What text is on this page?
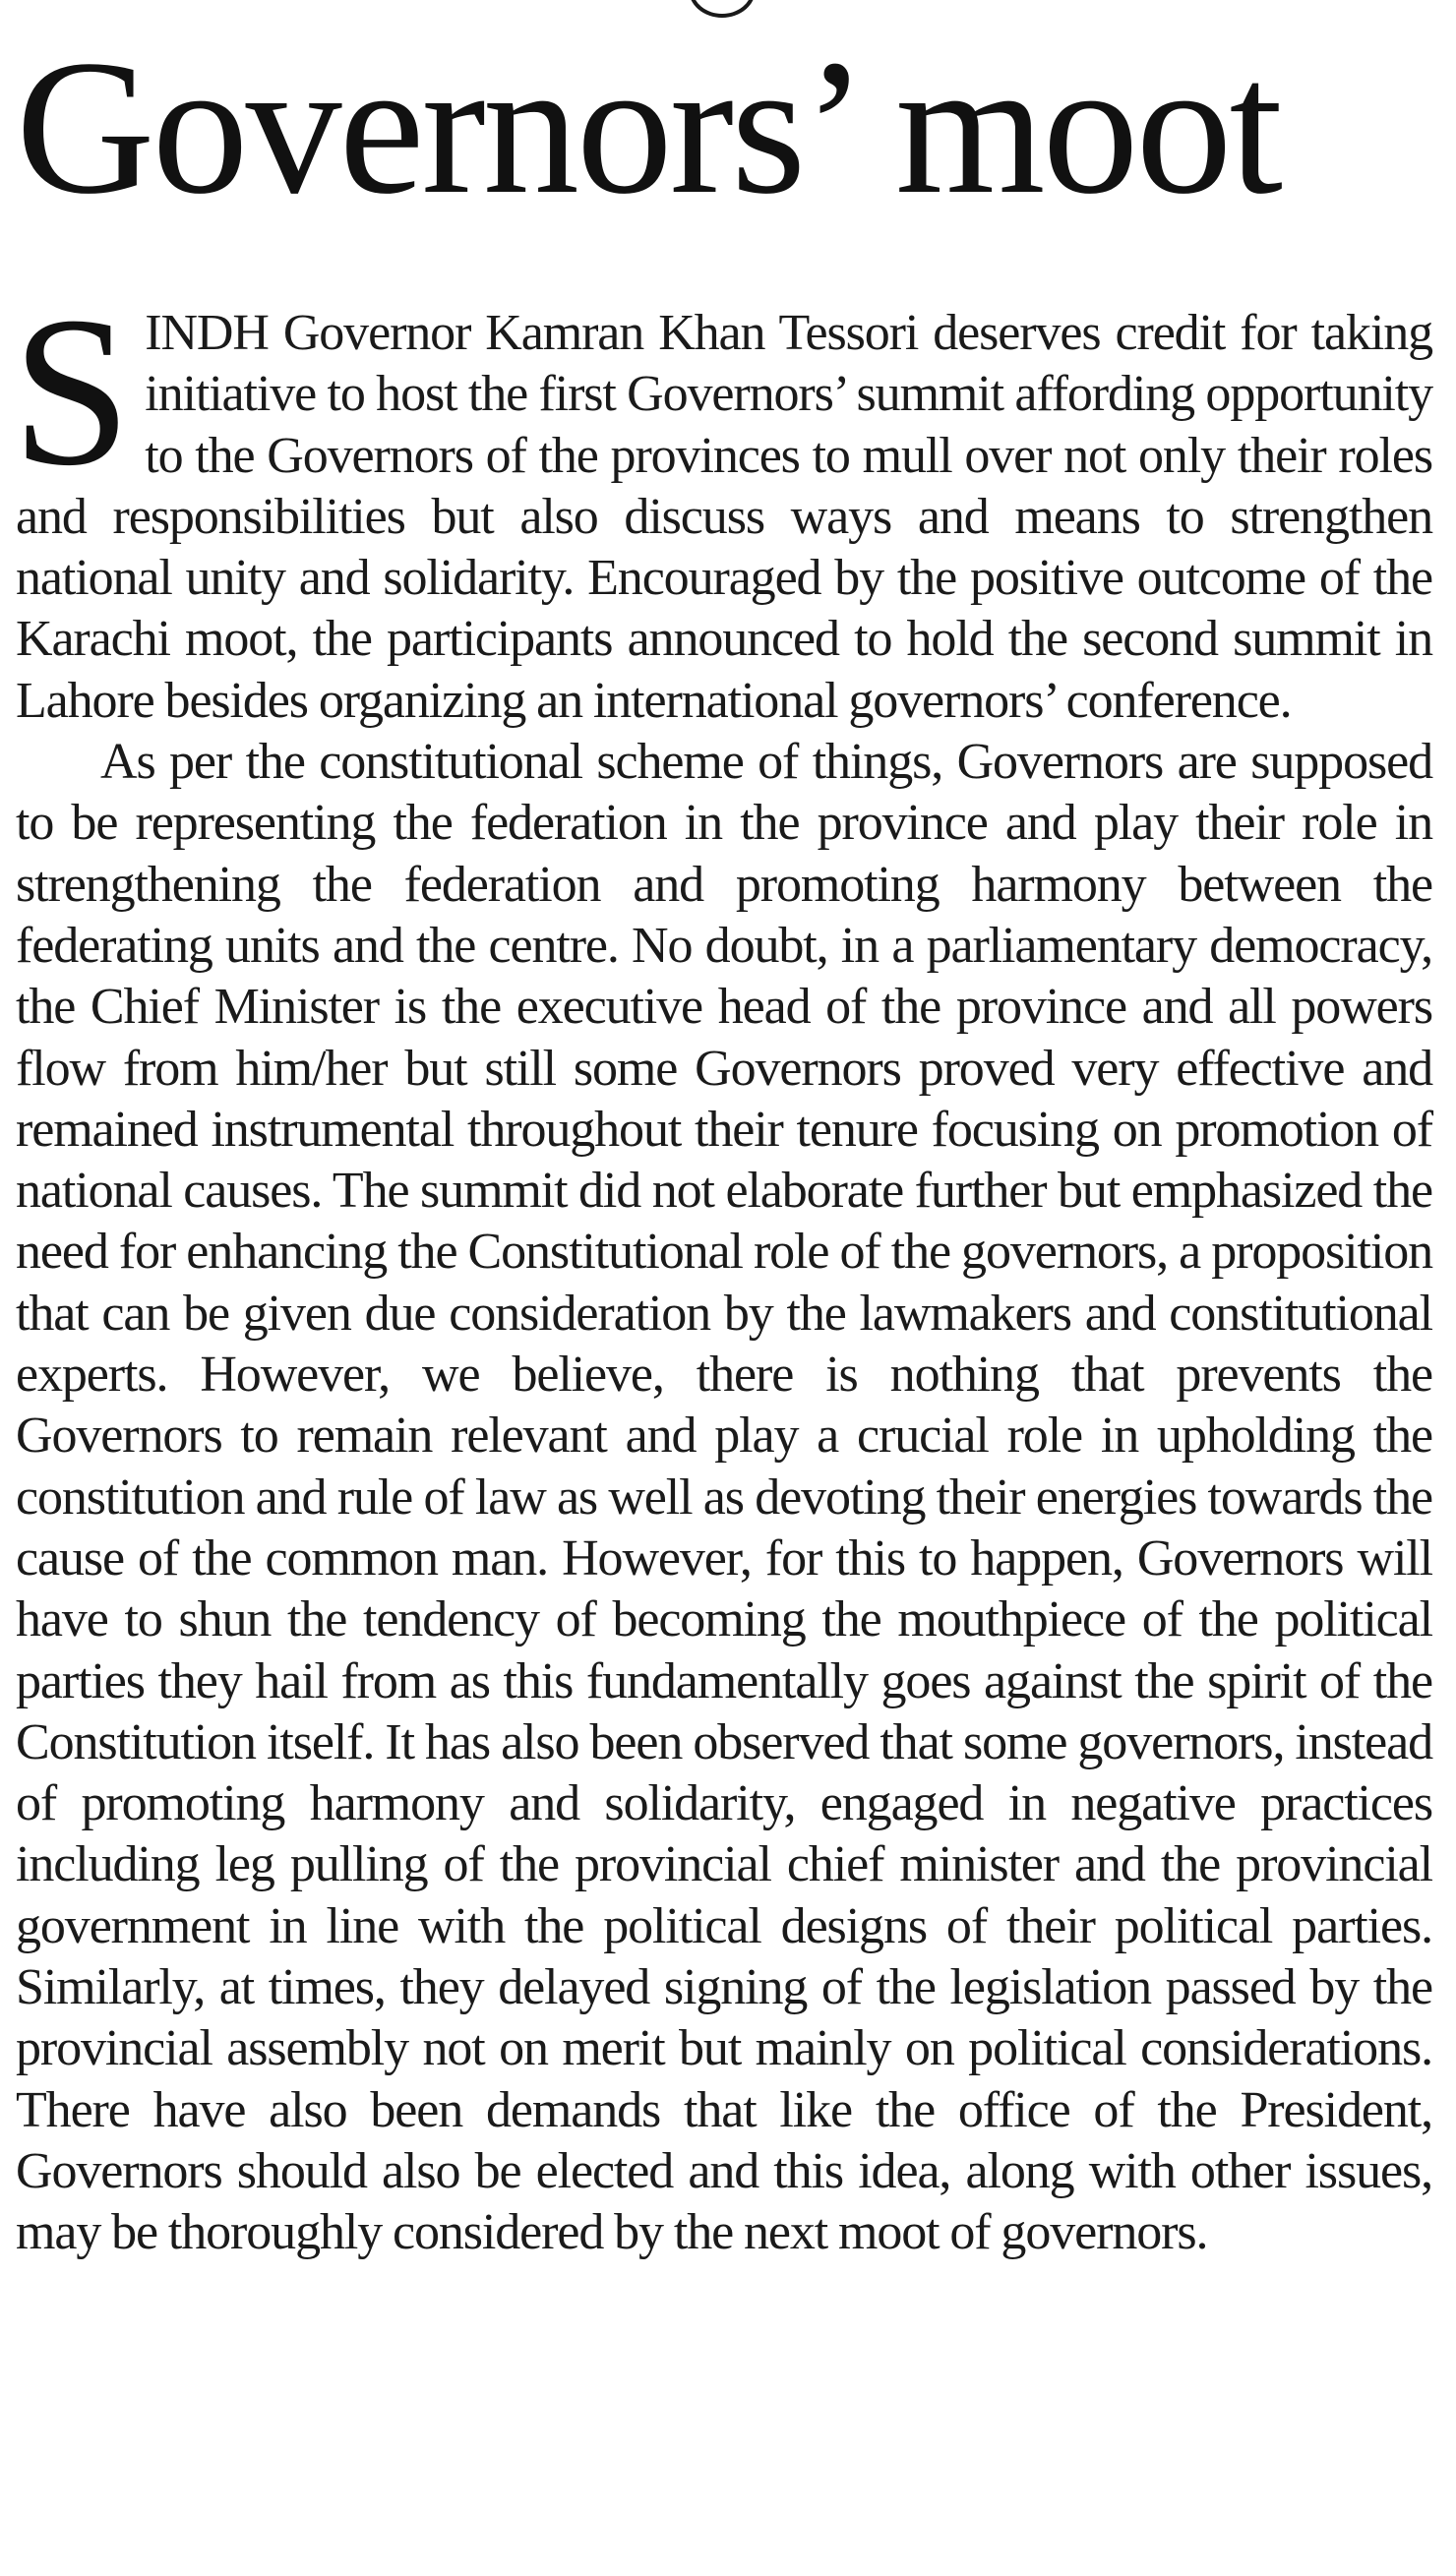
Governors’ moot

SINDH Governor Kamran Khan Tessori deserves credit for taking initiative to host the first Governors’ summit affording opportunity to the Governors of the provinces to mull over not only their roles and responsibilities but also discuss ways and means to strengthen national unity and solidarity. Encouraged by the positive outcome of the Karachi moot, the participants announced to hold the second summit in Lahore besides organizing an international governors’ conference.

As per the constitutional scheme of things, Governors are supposed to be representing the federation in the province and play their role in strengthening the federation and promoting harmony between the federating units and the centre. No doubt, in a parliamentary democracy, the Chief Minister is the executive head of the province and all powers flow from him/her but still some Governors proved very effective and remained instrumental throughout their tenure focusing on promotion of national causes. The summit did not elaborate further but emphasized the need for enhancing the Constitutional role of the governors, a proposition that can be given due consideration by the lawmakers and constitutional experts. However, we believe, there is nothing that prevents the Governors to remain relevant and play a crucial role in upholding the constitution and rule of law as well as devoting their energies towards the cause of the common man. However, for this to happen, Governors will have to shun the tendency of becoming the mouthpiece of the political parties they hail from as this fundamentally goes against the spirit of the Constitution itself. It has also been observed that some governors, instead of promoting harmony and solidarity, engaged in negative practices including leg pulling of the provincial chief minister and the provincial government in line with the political designs of their political parties. Similarly, at times, they delayed signing of the legislation passed by the provincial assembly not on merit but mainly on political considerations. There have also been demands that like the office of the President, Governors should also be elected and this idea, along with other issues, may be thoroughly considered by the next moot of governors.
